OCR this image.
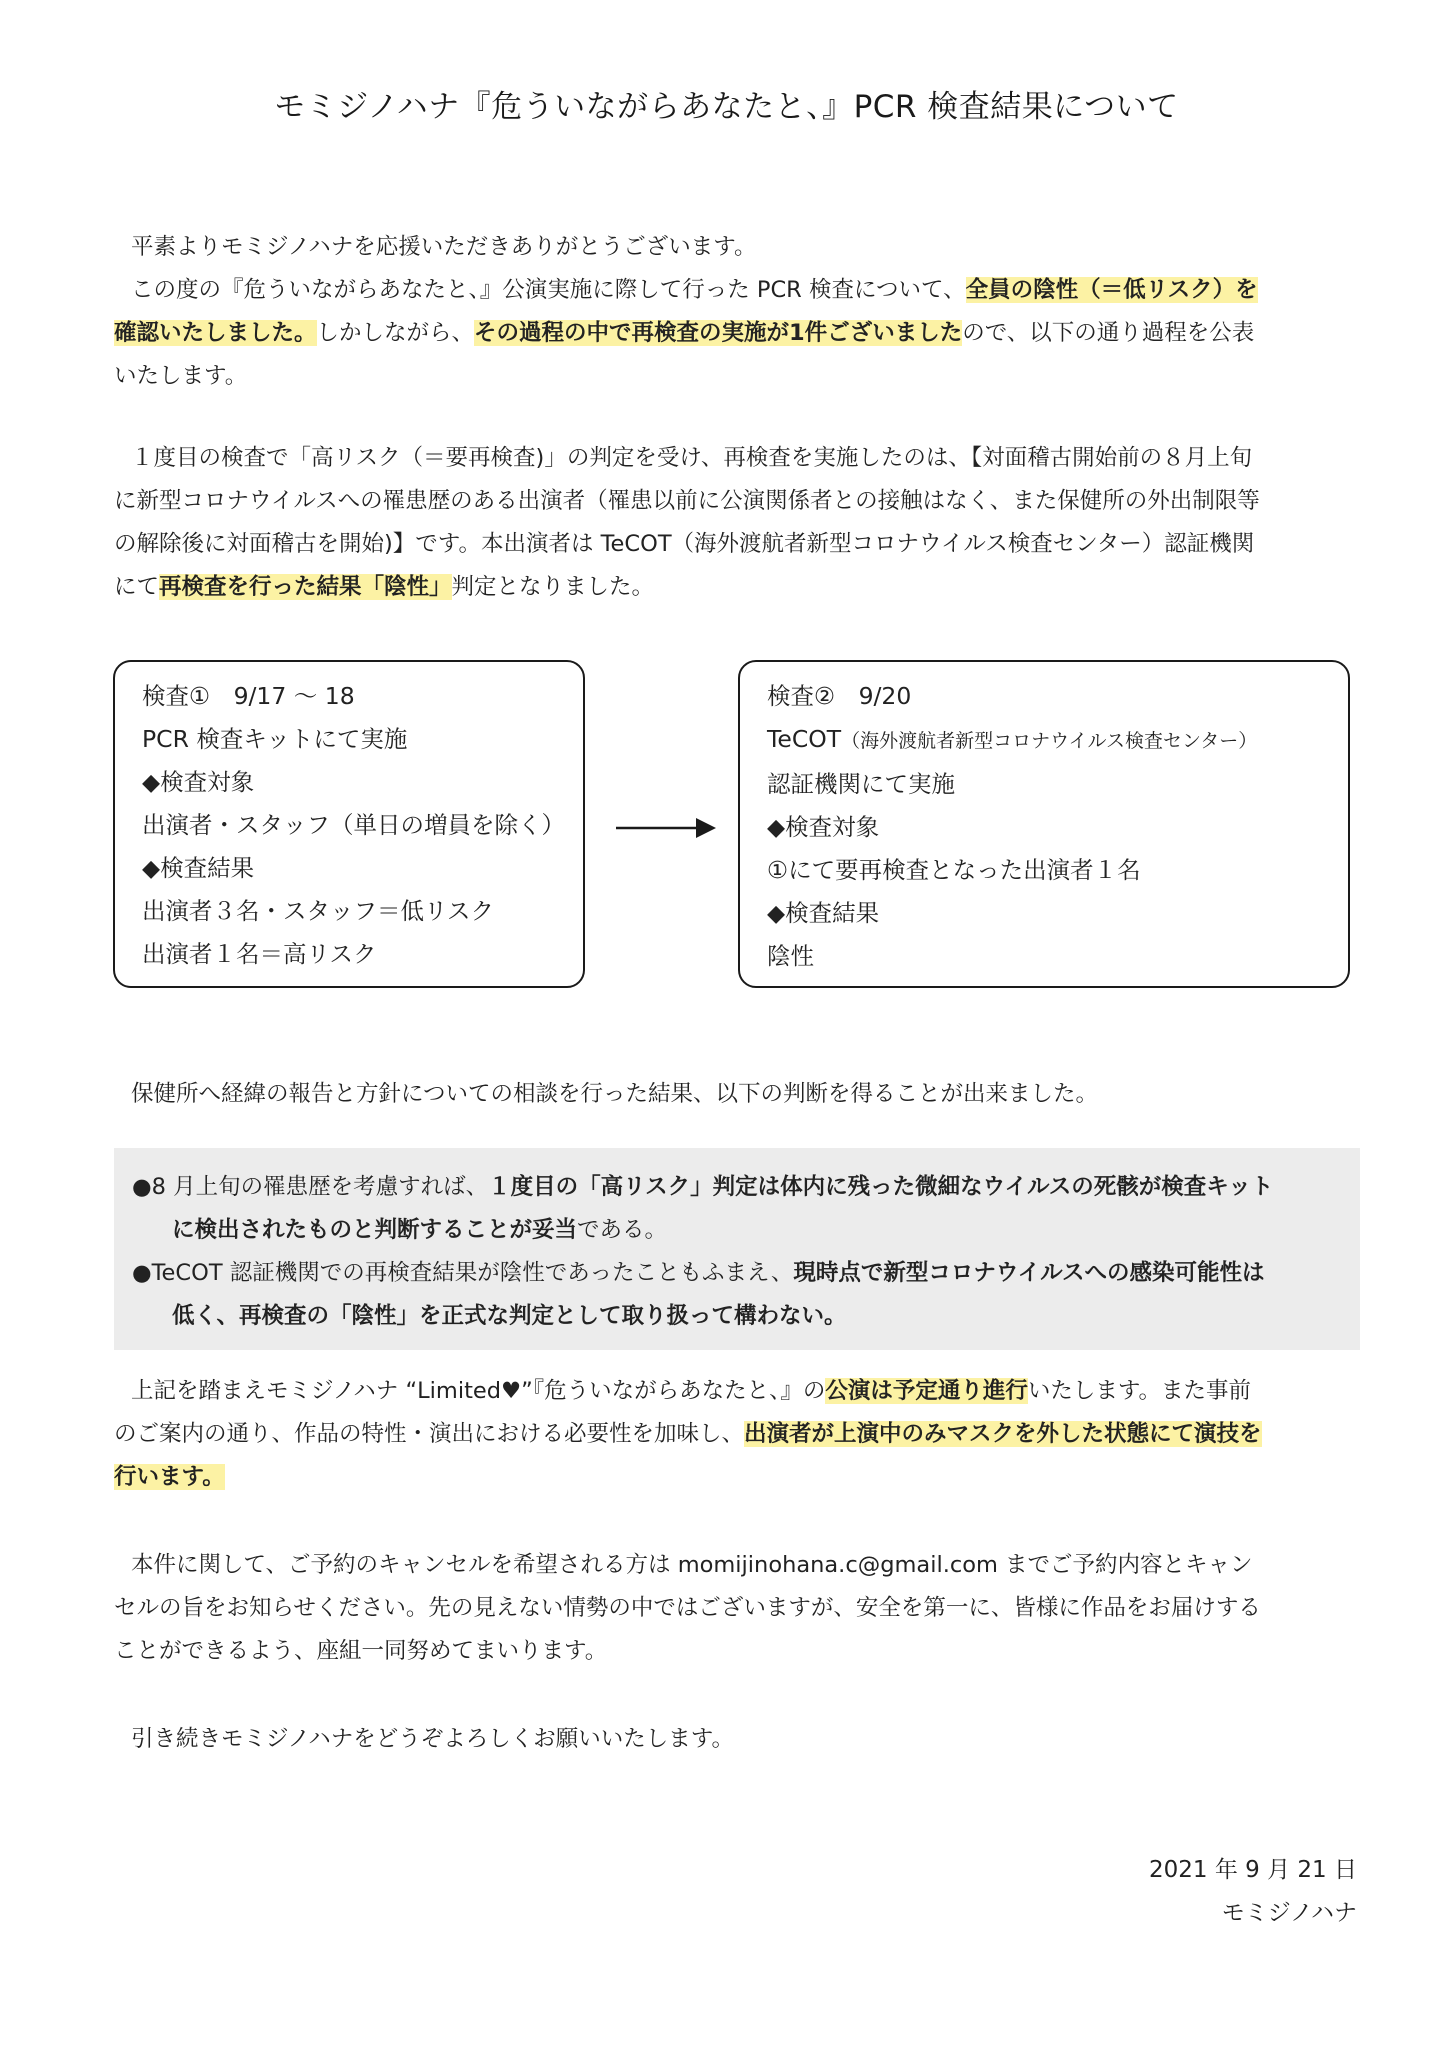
モミジノハナ『危ういながらあなたと、』PCR 検査結果について
平素よりモミジノハナを応援いただきありがとうございます。
この度の『危ういながらあなたと、』公演実施に際して行った PCR 検査について、全員の陰性（＝低リスク）を
確認いたしました。しかしながら、その過程の中で再検査の実施が1件ございましたので、以下の通り過程を公表
いたします。
１度目の検査で「高リスク（＝要再検査)」の判定を受け、再検査を実施したのは、【対面稽古開始前の８月上旬
に新型コロナウイルスへの罹患歴のある出演者（罹患以前に公演関係者との接触はなく、また保健所の外出制限等
の解除後に対面稽古を開始)】です。本出演者は TeCOT（海外渡航者新型コロナウイルス検査センター）認証機関
にて再検査を行った結果「陰性」判定となりました。
検査①　9/17 ～ 18
PCR 検査キットにて実施
◆検査対象
出演者・スタッフ（単日の増員を除く）
◆検査結果
出演者３名・スタッフ＝低リスク
出演者１名＝高リスク
検査②　9/20
TeCOT（海外渡航者新型コロナウイルス検査センター）
認証機関にて実施
◆検査対象
①にて要再検査となった出演者１名
◆検査結果
陰性
保健所へ経緯の報告と方針についての相談を行った結果、以下の判断を得ることが出来ました。
●8 月上旬の罹患歴を考慮すれば、１度目の「高リスク」判定は体内に残った微細なウイルスの死骸が検査キット
に検出されたものと判断することが妥当である。
●TeCOT 認証機関での再検査結果が陰性であったこともふまえ、現時点で新型コロナウイルスへの感染可能性は
低く、再検査の「陰性」を正式な判定として取り扱って構わない。
上記を踏まえモミジノハナ “Limited♥”『危ういながらあなたと、』の公演は予定通り進行いたします。また事前
のご案内の通り、作品の特性・演出における必要性を加味し、出演者が上演中のみマスクを外した状態にて演技を
行います。
本件に関して、ご予約のキャンセルを希望される方は momijinohana.c@gmail.com までご予約内容とキャン
セルの旨をお知らせください。先の見えない情勢の中ではございますが、安全を第一に、皆様に作品をお届けする
ことができるよう、座組一同努めてまいります。
引き続きモミジノハナをどうぞよろしくお願いいたします。
2021 年 9 月 21 日
モミジノハナ
